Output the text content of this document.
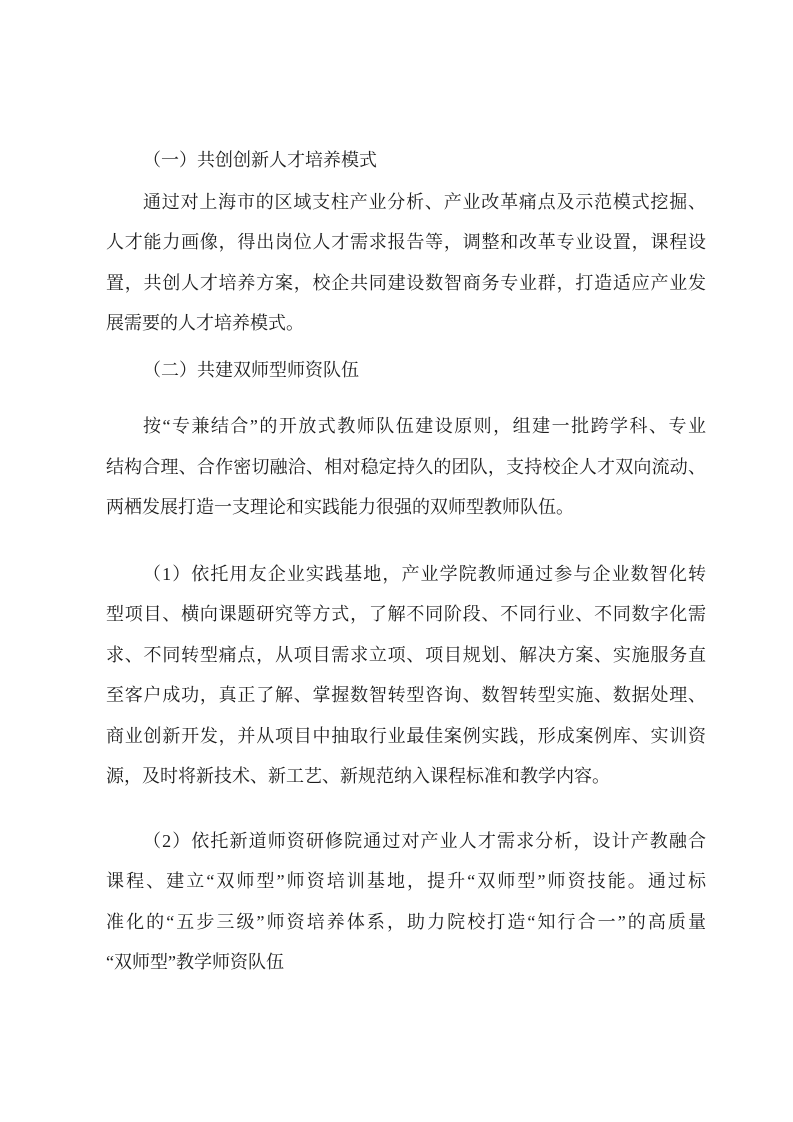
（一）共创创新人才培养模式
通过对上海市的区域支柱产业分析、产业改革痛点及示范模式挖掘、
人才能力画像，得出岗位人才需求报告等，调整和改革专业设置，课程设
置，共创人才培养方案，校企共同建设数智商务专业群，打造适应产业发
展需要的人才培养模式。
（二）共建双师型师资队伍
按“专兼结合”的开放式教师队伍建设原则，组建一批跨学科、专业
结构合理、合作密切融洽、相对稳定持久的团队，支持校企人才双向流动、
两栖发展打造一支理论和实践能力很强的双师型教师队伍。
（1）依托用友企业实践基地，产业学院教师通过参与企业数智化转
型项目、横向课题研究等方式，了解不同阶段、不同行业、不同数字化需
求、不同转型痛点，从项目需求立项、项目规划、解决方案、实施服务直
至客户成功，真正了解、掌握数智转型咨询、数智转型实施、数据处理、
商业创新开发，并从项目中抽取行业最佳案例实践，形成案例库、实训资
源，及时将新技术、新工艺、新规范纳入课程标准和教学内容。
（2）依托新道师资研修院通过对产业人才需求分析，设计产教融合
课程、建立“双师型”师资培训基地，提升“双师型”师资技能。通过标
准化的“五步三级”师资培养体系，助力院校打造“知行合一”的高质量
“双师型”教学师资队伍
